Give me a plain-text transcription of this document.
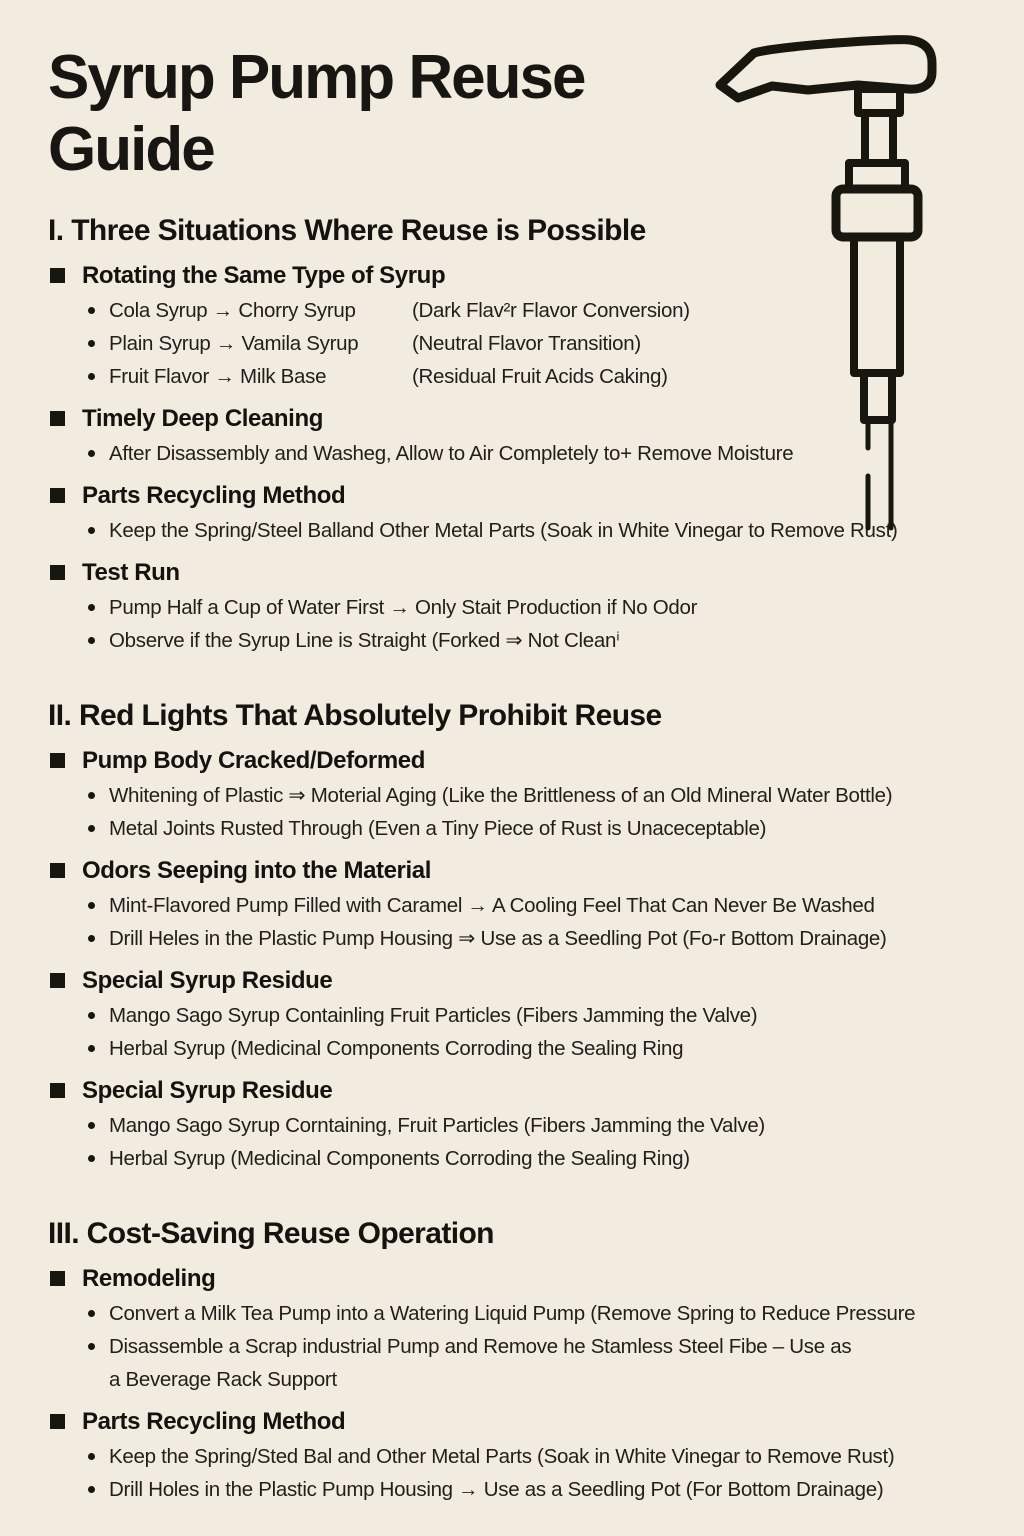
Syrup Pump Reuse
Guide
I. Three Situations Where Reuse is Possible
Rotating the Same Type of Syrup
Cola Syrup → Chorry Syrup	(Dark Flav²r Flavor Conversion)
Plain Syrup → Vamila Syrup	(Neutral Flavor Transition)
Fruit Flavor → Milk Base	(Residual Fruit Acids Caking)
Timely Deep Cleaning
After Disassembly and Washeg, Allow to Air Completely to+ Remove Moisture
Parts Recycling Method
Keep the Spring/Steel Balland Other Metal Parts (Soak in White Vinegar to Remove Rust)
Test Run
Pump Half a Cup of Water First → Only Stait Production if No Odor
Observe if the Syrup Line is Straight (Forked ⇒ Not Cleanⁱ
II. Red Lights That Absolutely Prohibit Reuse
Pump Body Cracked/Deformed
Whitening of Plastic ⇒ Moterial Aging (Like the Brittleness of an Old Mineral Water Bottle)
Metal Joints Rusted Through (Even a Tiny Piece of Rust is Unaceceptable)
Odors Seeping into the Material
Mint-Flavored Pump Filled with Caramel → A Cooling Feel That Can Never Be Washed
Drill Heles in the Plastic Pump Housing ⇒ Use as a Seedling Pot (Fo-r Bottom Drainage)
Special Syrup Residue
Mango Sago Syrup Containling Fruit Particles (Fibers Jamming the Valve)
Herbal Syrup (Medicinal Components Corroding the Sealing Ring
Special Syrup Residue
Mango Sago Syrup Corntaining, Fruit Particles (Fibers Jamming the Valve)
Herbal Syrup (Medicinal Components Corroding the Sealing Ring)
III. Cost-Saving Reuse Operation
Remodeling
Convert a Milk Tea Pump into a Watering Liquid Pump (Remove Spring to Reduce Pressure
Disassemble a Scrap industrial Pump and Remove he Stamless Steel Fibe – Use as
a Beverage Rack Support
Parts Recycling Method
Keep the Spring/Sted Bal and Other Metal Parts (Soak in White Vinegar to Remove Rust)
Drill Holes in the Plastic Pump Housing → Use as a Seedling Pot (For Bottom Drainage)
